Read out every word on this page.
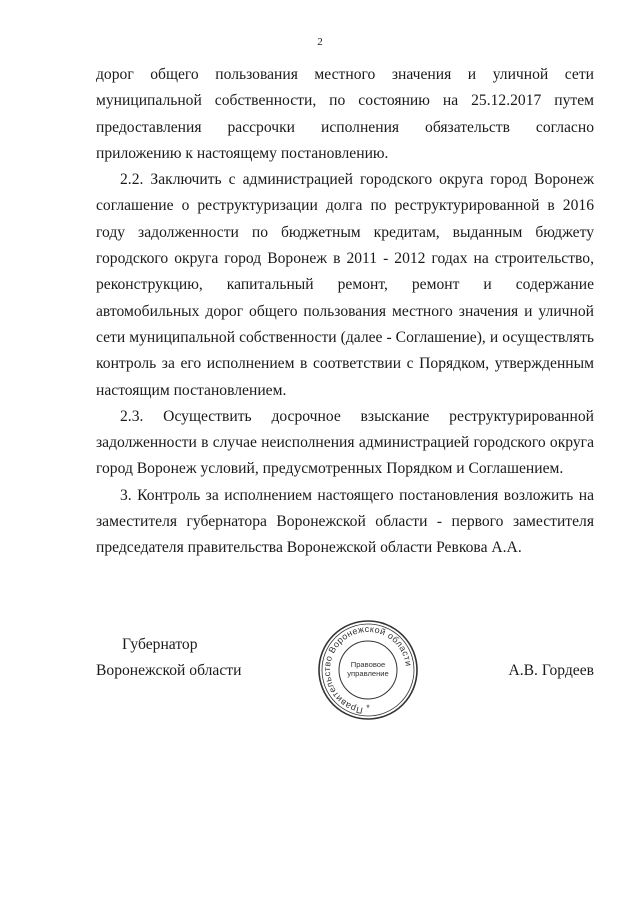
2

дорог общего пользования местного значения и уличной сети муниципальной собственности, по состоянию на 25.12.2017 путем предоставления рассрочки исполнения обязательств согласно приложению к настоящему постановлению.

2.2. Заключить с администрацией городского округа город Воронеж соглашение о реструктуризации долга по реструктурированной в 2016 году задолженности по бюджетным кредитам, выданным бюджету городского округа город Воронеж в 2011 - 2012 годах на строительство, реконструкцию, капитальный ремонт, ремонт и содержание автомобильных дорог общего пользования местного значения и уличной сети муниципальной собственности (далее - Соглашение), и осуществлять контроль за его исполнением в соответствии с Порядком, утвержденным настоящим постановлением.

2.3. Осуществить досрочное взыскание реструктурированной задолженности в случае неисполнения администрацией городского округа город Воронеж условий, предусмотренных Порядком и Соглашением.

3. Контроль за исполнением настоящего постановления возложить на заместителя губернатора Воронежской области - первого заместителя председателя правительства Воронежской области Ревкова А.А.

Губернатор
Воронежской области	А.В. Гордеев
Правительство Воронежской области
Правовое
управление
*
